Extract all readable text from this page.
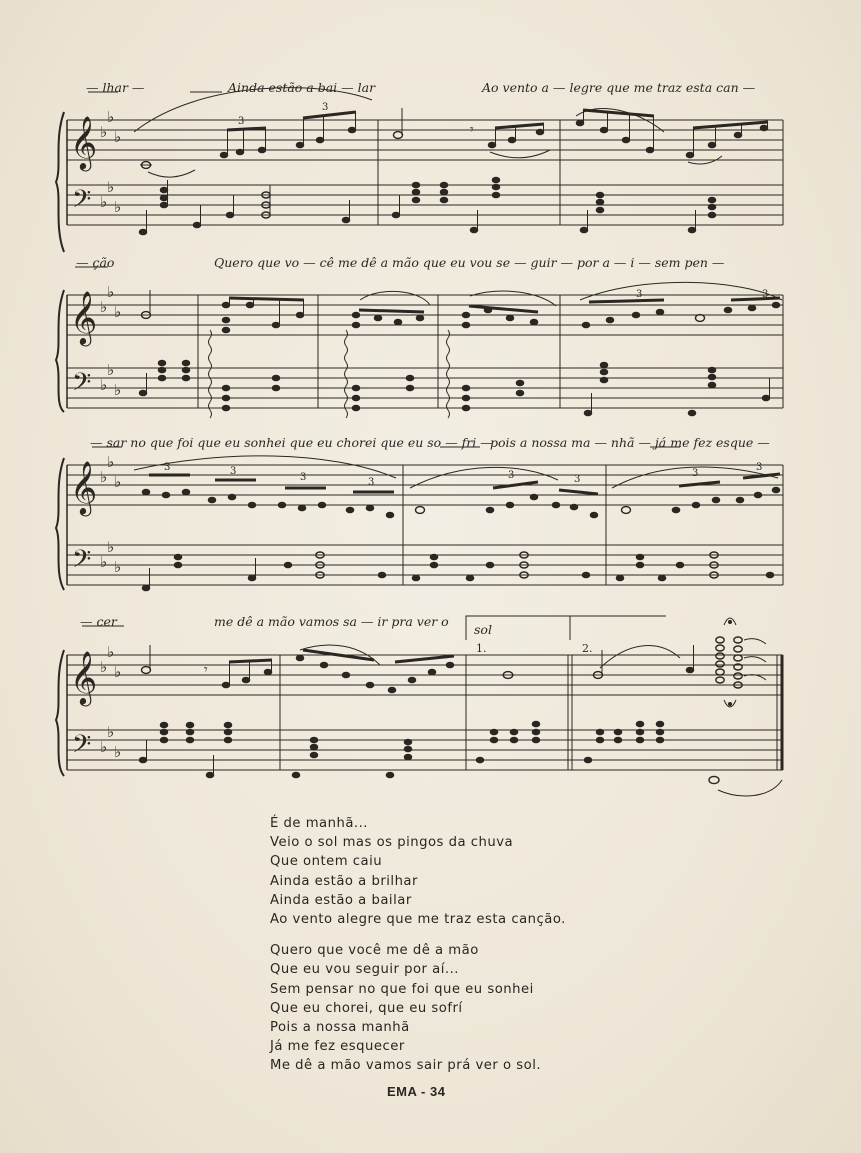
𝄞
𝄢
♭
♭
♭
♭
♭
♭
3
3
𝄾
𝄞
𝄢
♭
♭
♭
♭
♭
♭
3	3
𝄞
𝄢
♭
♭
♭
♭
♭
♭
3	3
3	3
3	3
3
3
𝄞
𝄢
♭
♭
♭
♭
♭
♭
𝄾
— lhar —	Ainda estão a bai — lar	Ao vento a — legre que me traz esta can —
— ção	Quero que vo — cê me dê a mão que eu vou se — guir — por a — i — sem pen —
— sar no que foi que eu sonhei que eu chorei que eu so — fri —
pois a nossa ma — nhã — já me fez esque —
— cer	me dê a mão vamos sa — ir pra ver o
sol
1.	2.
É de manhã...
Veio o sol mas os pingos da chuva
Que ontem caiu
Ainda estão a brilhar
Ainda estão a bailar
Ao vento alegre que me traz esta canção.
Quero que você me dê a mão
Que eu vou seguir por aí...
Sem pensar no que foi que eu sonhei
Que eu chorei, que eu sofrí
Pois a nossa manhã
Já me fez esquecer
Me dê a mão vamos sair prá ver o sol.
EMA - 34
